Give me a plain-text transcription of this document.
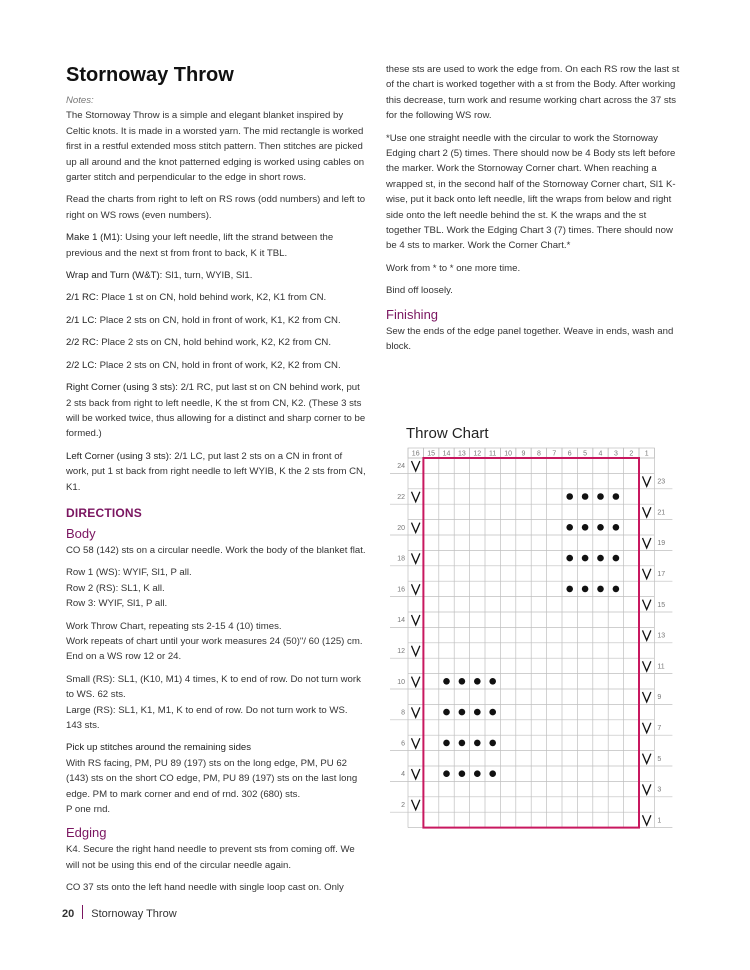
Stornoway Throw

Notes:

The Stornoway Throw is a simple and elegant blanket inspired by Celtic knots. It is made in a worsted yarn. The mid rectangle is worked first in a restful extended moss stitch pattern. Then stitches are picked up all around and the knot patterned edging is worked using cables on garter stitch and perpendicular to the edge in short rows.

Read the charts from right to left on RS rows (odd numbers) and left to right on WS rows (even numbers).

Make 1 (M1): Using your left needle, lift the strand between the previous and the next st from front to back, K it TBL.

Wrap and Turn (W&T): Sl1, turn, WYIB, Sl1.

2/1 RC: Place 1 st on CN, hold behind work, K2, K1 from CN.

2/1 LC: Place 2 sts on CN, hold in front of work, K1, K2 from CN.

2/2 RC: Place 2 sts on CN, hold behind work, K2, K2 from CN.

2/2 LC: Place 2 sts on CN, hold in front of work, K2, K2 from CN.

Right Corner (using 3 sts): 2/1 RC, put last st on CN behind work, put 2 sts back from right to left needle, K the st from CN, K2. (These 3 sts will be worked twice, thus allowing for a distinct and sharp corner to be formed.)

Left Corner (using 3 sts): 2/1 LC, put last 2 sts on a CN in front of work, put 1 st back from right needle to left WYIB, K the 2 sts from CN, K1.

DIRECTIONS
Body

CO 58 (142) sts on a circular needle. Work the body of the blanket flat.

Row 1 (WS): WYIF, Sl1, P all.

Row 2 (RS): SL1, K all.

Row 3: WYIF, Sl1, P all.

Work Throw Chart, repeating sts 2-15 4 (10) times.

Work repeats of chart until your work measures 24 (50)"/ 60 (125) cm. End on a WS row 12 or 24.

Small (RS): SL1, (K10, M1) 4 times, K to end of row. Do not turn work to WS. 62 sts.

Large (RS): SL1, K1, M1, K to end of row. Do not turn work to WS. 143 sts.

Pick up stitches around the remaining sides

With RS facing, PM, PU 89 (197) sts on the long edge, PM, PU 62 (143) sts on the short CO edge, PM, PU 89 (197) sts on the last long edge. PM to mark corner and end of rnd. 302 (680) sts.

P one rnd.

Edging

K4. Secure the right hand needle to prevent sts from coming off. We will not be using this end of the circular needle again.

CO 37 sts onto the left hand needle with single loop cast on. Only

these sts are used to work the edge from. On each RS row the last st of the chart is worked together with a st from the Body. After working this decrease, turn work and resume working chart across the 37 sts for the following WS row.

*Use one straight needle with the circular to work the Stornoway Edging chart 2 (5) times. There should now be 4 Body sts left before the marker. Work the Stornoway Corner chart. When reaching a wrapped st, in the second half of the Stornoway Corner chart, Sl1 K-wise, put it back onto left needle, lift the wraps from below and right side onto the left needle behind the st. K the wraps and the st together TBL. Work the Edging Chart 3 (7) times. There should now be 4 sts to marker. Work the Corner Chart.*

Work from * to * one more time.

Bind off loosely.

Finishing

Sew the ends of the edge panel together. Weave in ends, wash and block.

16 15 14 13 12 11 10 9 8 7 6 5 4 3 2 1
24
22
20
18
16
14
12
10
8
6
4
2
23
21
19
17
15
13
11
9
7
5
3
1
Throw Chart
20 Stornoway Throw
